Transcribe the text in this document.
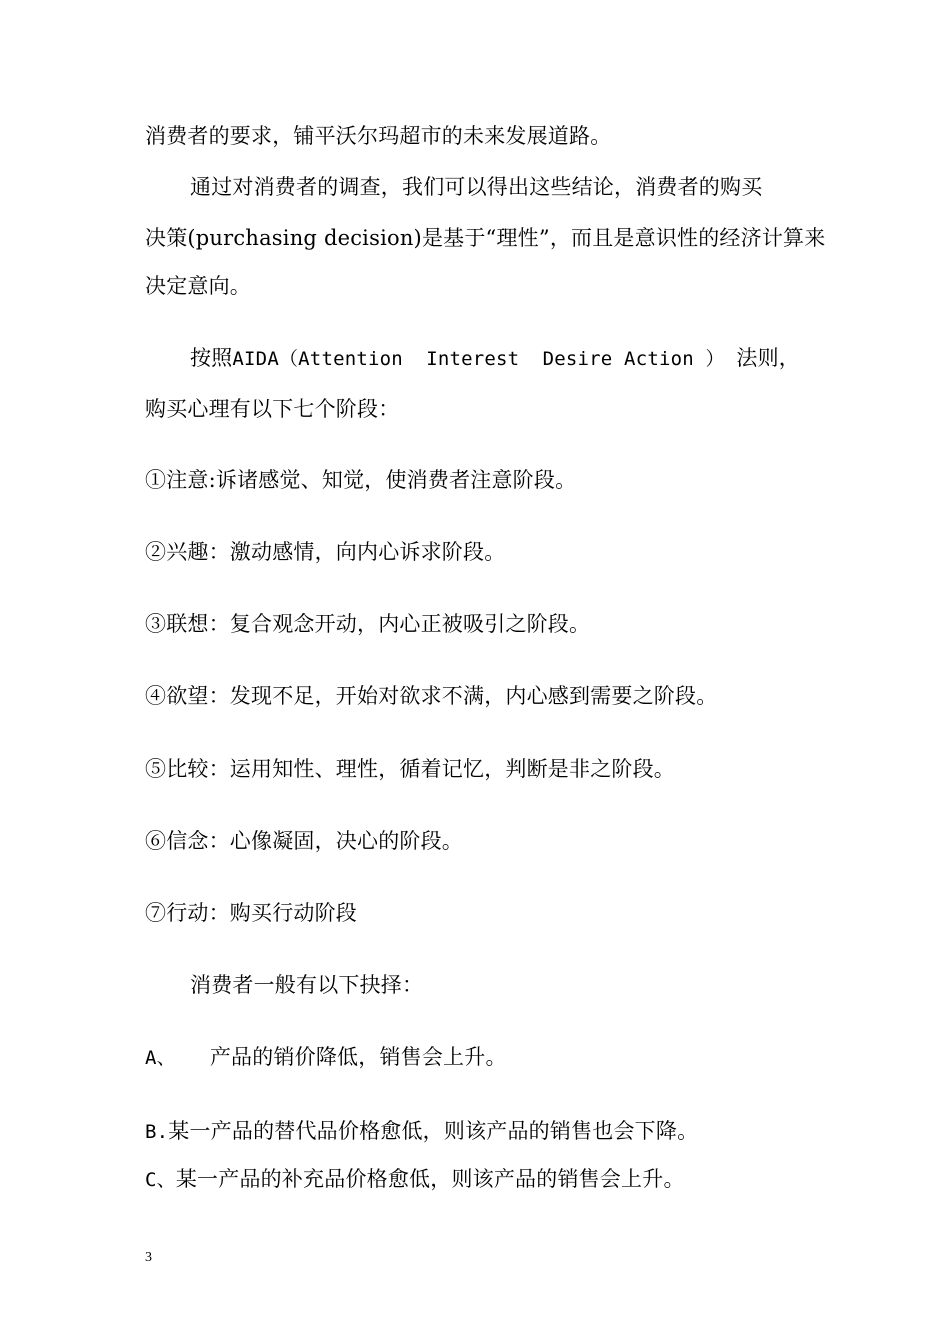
消费者的要求，铺平沃尔玛超市的未来发展道路。
通过对消费者的调查，我们可以得出这些结论，消费者的购买
决策(purchasing decision)是基于“理性”，而且是意识性的经济计算来
决定意向。
按照AIDA（Attention  Interest  Desire Action ） 法则，
购买心理有以下七个阶段：
①注意:诉诸感觉、知觉，使消费者注意阶段。
②兴趣：激动感情，向内心诉求阶段。
③联想：复合观念开动，内心正被吸引之阶段。
④欲望：发现不足，开始对欲求不满，内心感到需要之阶段。
⑤比较：运用知性、理性，循着记忆，判断是非之阶段。
⑥信念：心像凝固，决心的阶段。
⑦行动：购买行动阶段
消费者一般有以下抉择：
A、 产品的销价降低，销售会上升。
B.某一产品的替代品价格愈低，则该产品的销售也会下降。
C、某一产品的补充品价格愈低，则该产品的销售会上升。
3
